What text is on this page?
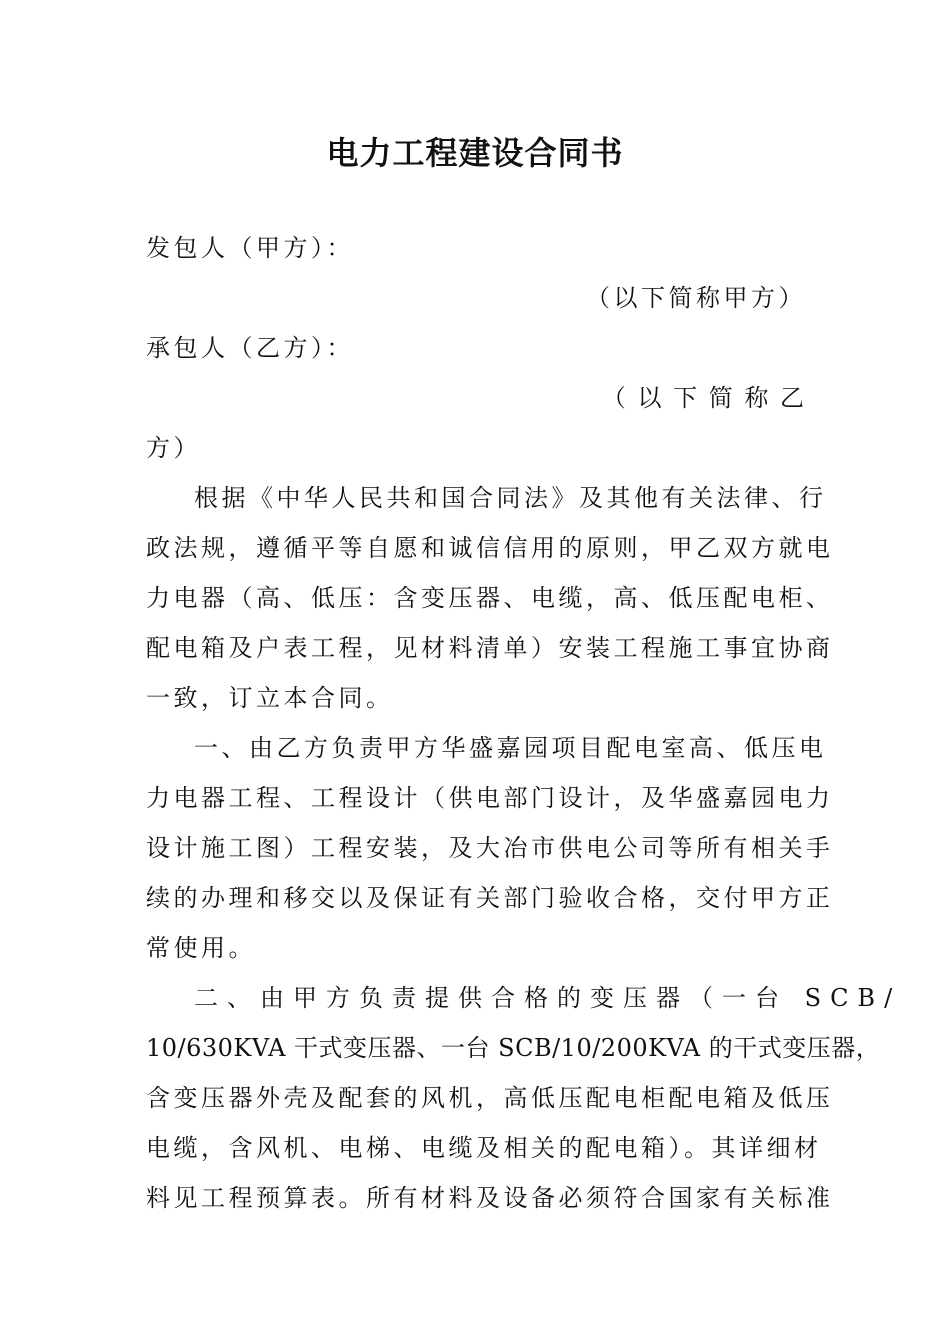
电力工程建设合同书
发包人（甲方）：
（以下简称甲方）
承包人（乙方）：
（ 以 下 简 称 乙
方）
根据《中华人民共和国合同法》及其他有关法律、行
政法规，遵循平等自愿和诚信信用的原则，甲乙双方就电
力电器（高、低压：含变压器、电缆，高、低压配电柜、
配电箱及户表工程，见材料清单）安装工程施工事宜协商
一致，订立本合同。
一、由乙方负责甲方华盛嘉园项目配电室高、低压电
力电器工程、工程设计（供电部门设计，及华盛嘉园电力
设计施工图）工程安装，及大冶市供电公司等所有相关手
续的办理和移交以及保证有关部门验收合格，交付甲方正
常使用。
二、由甲方负责提供合格的变压器（一台 SCB/
10/630KVA 干式变压器、一台 SCB/10/200KVA 的干式变压器，
含变压器外壳及配套的风机，高低压配电柜配电箱及低压
电缆，含风机、电梯、电缆及相关的配电箱）。其详细材
料见工程预算表。所有材料及设备必须符合国家有关标准
